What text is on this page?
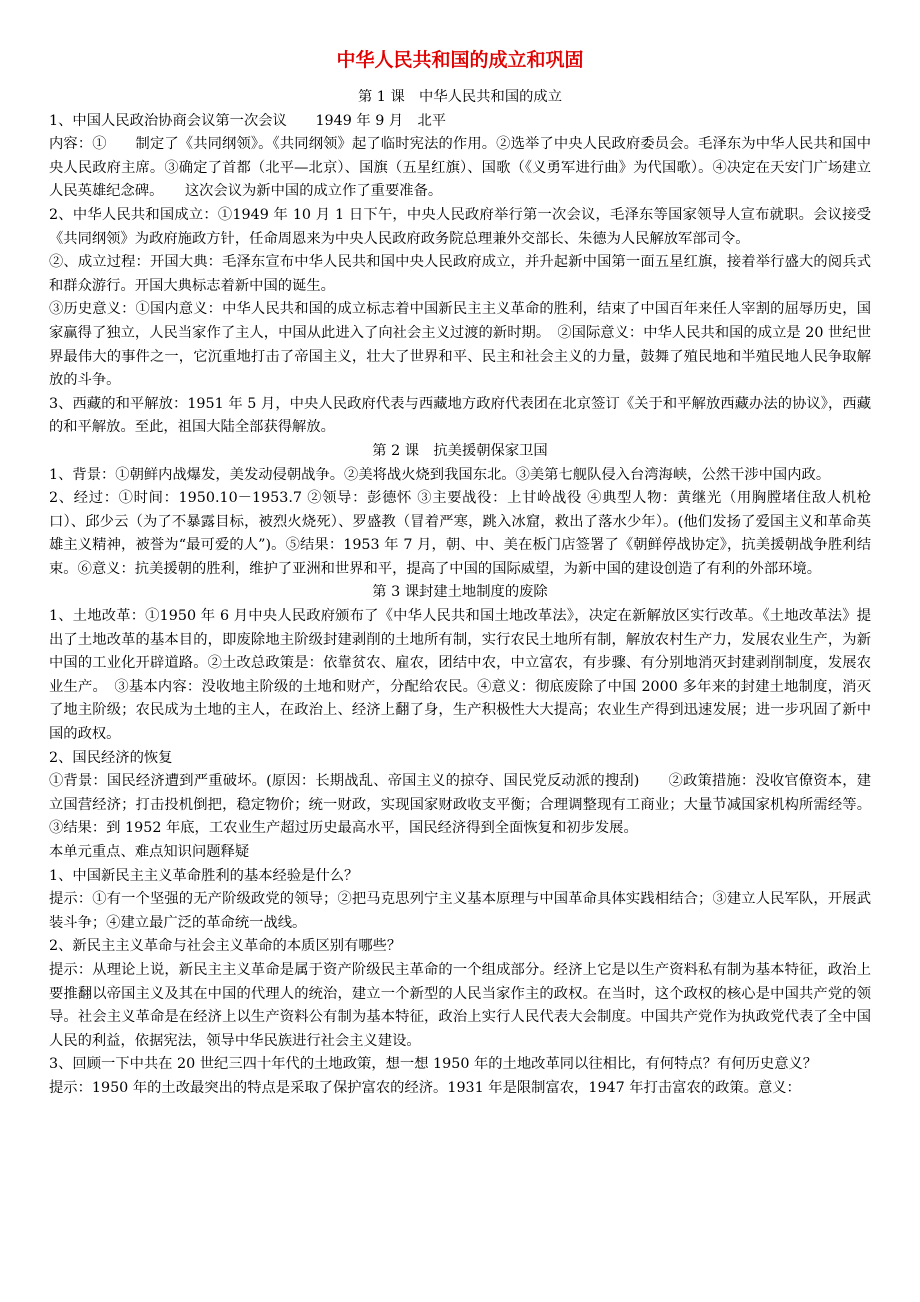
中华人民共和国的成立和巩固

第 1 课　中华人民共和国的成立

1、中国人民政治协商会议第一次会议　　1949 年 9 月　北平

内容：①　　制定了《共同纲领》。《共同纲领》起了临时宪法的作用。②选举了中央人民政府委员会。毛泽东为中华人民共和国中央人民政府主席。③确定了首都（北平—北京）、国旗（五星红旗）、国歌（《义勇军进行曲》为代国歌）。④决定在天安门广场建立人民英雄纪念碑。　　这次会议为新中国的成立作了重要准备。

2、中华人民共和国成立：①1949 年 10 月 1 日下午，中央人民政府举行第一次会议，毛泽东等国家领导人宣布就职。会议接受《共同纲领》为政府施政方针，任命周恩来为中央人民政府政务院总理兼外交部长、朱德为人民解放军部司令。

②、成立过程：开国大典：毛泽东宣布中华人民共和国中央人民政府成立，并升起新中国第一面五星红旗，接着举行盛大的阅兵式和群众游行。开国大典标志着新中国的诞生。

③历史意义：①国内意义：中华人民共和国的成立标志着中国新民主主义革命的胜利，结束了中国百年来任人宰割的屈辱历史，国家赢得了独立，人民当家作了主人，中国从此进入了向社会主义过渡的新时期。　②国际意义：中华人民共和国的成立是 20 世纪世界最伟大的事件之一，它沉重地打击了帝国主义，壮大了世界和平、民主和社会主义的力量，鼓舞了殖民地和半殖民地人民争取解放的斗争。

3、西藏的和平解放：1951 年 5 月，中央人民政府代表与西藏地方政府代表团在北京签订《关于和平解放西藏办法的协议》，西藏的和平解放。至此，祖国大陆全部获得解放。

第 2 课　抗美援朝保家卫国

1、背景：①朝鲜内战爆发，美发动侵朝战争。②美将战火烧到我国东北。③美第七舰队侵入台湾海峡，公然干涉中国内政。

2、经过：①时间：1950.10－1953.7 ②领导：彭德怀 ③主要战役：上甘岭战役 ④典型人物：黄继光（用胸膛堵住敌人机枪口）、邱少云（为了不暴露目标，被烈火烧死）、罗盛教（冒着严寒，跳入冰窟，救出了落水少年）。(他们发扬了爱国主义和革命英雄主义精神，被誉为“最可爱的人”)。⑤结果：1953 年 7 月，朝、中、美在板门店签署了《朝鲜停战协定》，抗美援朝战争胜利结束。⑥意义：抗美援朝的胜利，维护了亚洲和世界和平，提高了中国的国际威望，为新中国的建设创造了有利的外部环境。

第 3 课封建土地制度的废除

1、土地改革：①1950 年 6 月中央人民政府颁布了《中华人民共和国土地改革法》，决定在新解放区实行改革。《土地改革法》提出了土地改革的基本目的，即废除地主阶级封建剥削的土地所有制，实行农民土地所有制，解放农村生产力，发展农业生产，为新中国的工业化开辟道路。②土改总政策是：依靠贫农、雇农，团结中农，中立富农，有步骤、有分别地消灭封建剥削制度，发展农业生产。　③基本内容：没收地主阶级的土地和财产，分配给农民。④意义：彻底废除了中国 2000 多年来的封建土地制度，消灭了地主阶级；农民成为土地的主人，在政治上、经济上翻了身，生产积极性大大提高；农业生产得到迅速发展；进一步巩固了新中国的政权。

2、国民经济的恢复

①背景：国民经济遭到严重破坏。(原因：长期战乱、帝国主义的掠夺、国民党反动派的搜刮)　　②政策措施：没收官僚资本，建立国营经济；打击投机倒把，稳定物价；统一财政，实现国家财政收支平衡；合理调整现有工商业；大量节减国家机构所需经等。③结果：到 1952 年底，工农业生产超过历史最高水平，国民经济得到全面恢复和初步发展。

本单元重点、难点知识问题释疑

1、中国新民主主义革命胜利的基本经验是什么？

提示：①有一个坚强的无产阶级政党的领导；②把马克思列宁主义基本原理与中国革命具体实践相结合；③建立人民军队，开展武装斗争；④建立最广泛的革命统一战线。

2、新民主主义革命与社会主义革命的本质区别有哪些？

提示：从理论上说，新民主主义革命是属于资产阶级民主革命的一个组成部分。经济上它是以生产资料私有制为基本特征，政治上要推翻以帝国主义及其在中国的代理人的统治，建立一个新型的人民当家作主的政权。在当时，这个政权的核心是中国共产党的领导。社会主义革命是在经济上以生产资料公有制为基本特征，政治上实行人民代表大会制度。中国共产党作为执政党代表了全中国人民的利益，依据宪法，领导中华民族进行社会主义建设。

3、回顾一下中共在 20 世纪三四十年代的土地政策，想一想 1950 年的土地改革同以往相比，有何特点？有何历史意义？

提示：1950 年的土改最突出的特点是采取了保护富农的经济。1931 年是限制富农，1947 年打击富农的政策。意义：
